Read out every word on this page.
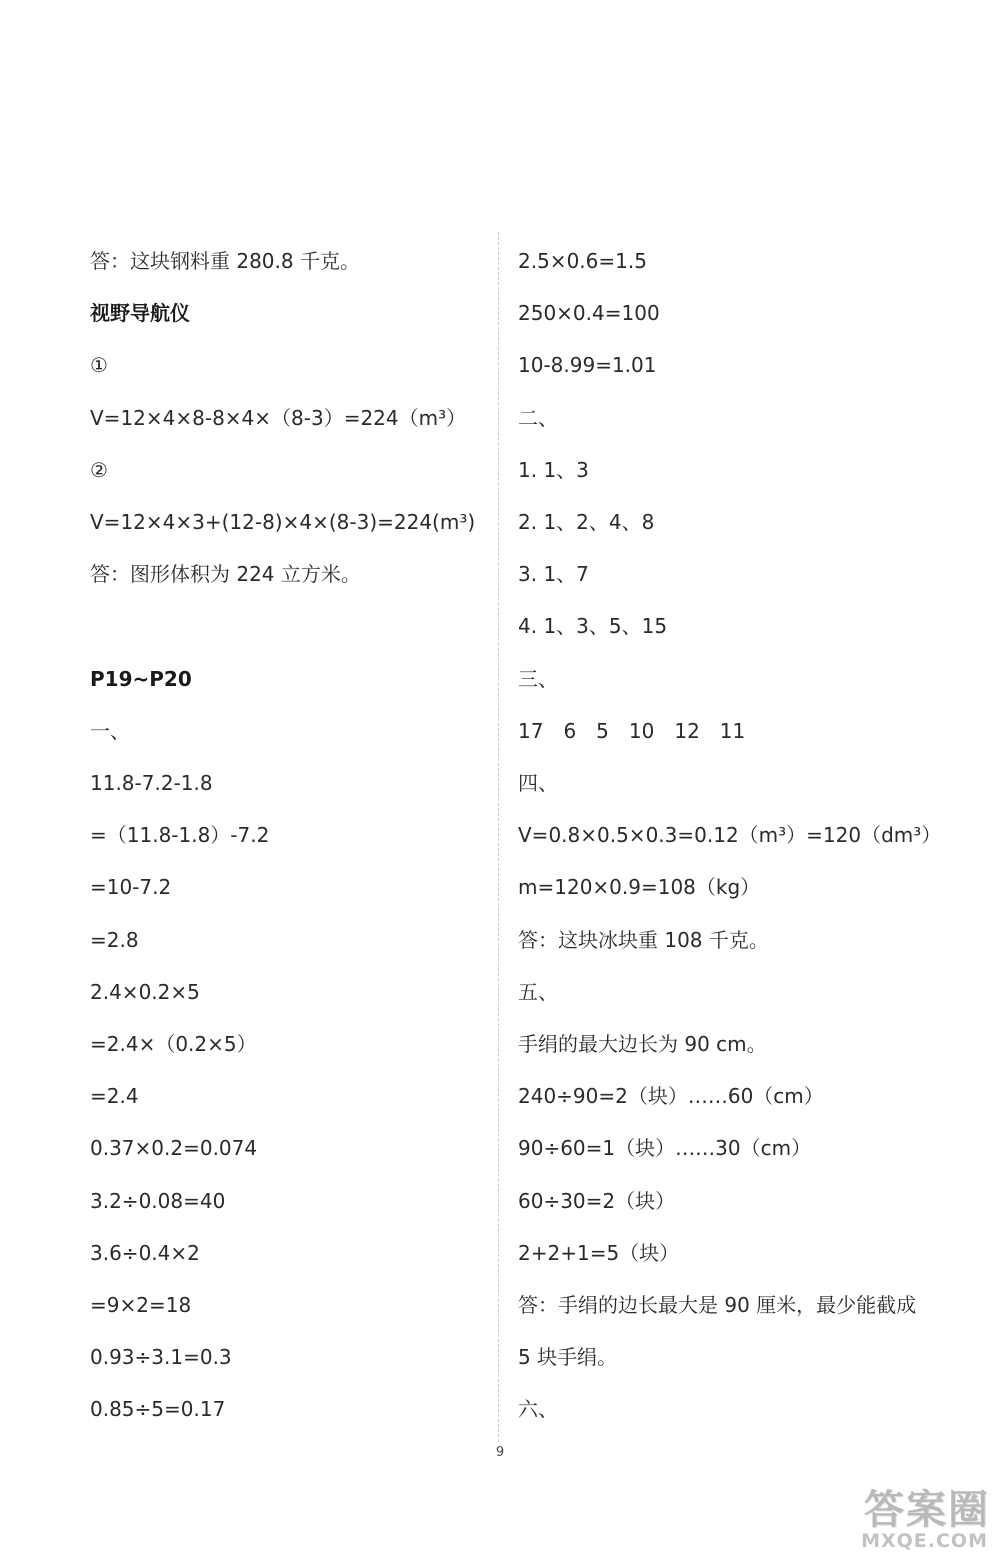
答：这块钢料重 280.8 千克。
视野导航仪
①
V=12×4×8-8×4×（8-3）=224（m³）
②
V=12×4×3+(12-8)×4×(8-3)=224(m³)
答：图形体积为 224 立方米。
P19~P20
一、
11.8-7.2-1.8
=（11.8-1.8）-7.2
=10-7.2
=2.8
2.4×0.2×5
=2.4×（0.2×5）
=2.4
0.37×0.2=0.074
3.2÷0.08=40
3.6÷0.4×2
=9×2=18
0.93÷3.1=0.3
0.85÷5=0.17
2.5×0.6=1.5
250×0.4=100
10-8.99=1.01
二、
1. 1、3
2. 1、2、4、8
3. 1、7
4. 1、3、5、15
三、
17　6　5　10　12　11
四、
V=0.8×0.5×0.3=0.12（m³）=120（dm³）
m=120×0.9=108（kg）
答：这块冰块重 108 千克。
五、
手绢的最大边长为 90 cm。
240÷90=2（块）……60（cm）
90÷60=1（块）……30（cm）
60÷30=2（块）
2+2+1=5（块）
答：手绢的边长最大是 90 厘米，最少能截成
5 块手绢。
六、
9
答案圈
MXQE.COM
